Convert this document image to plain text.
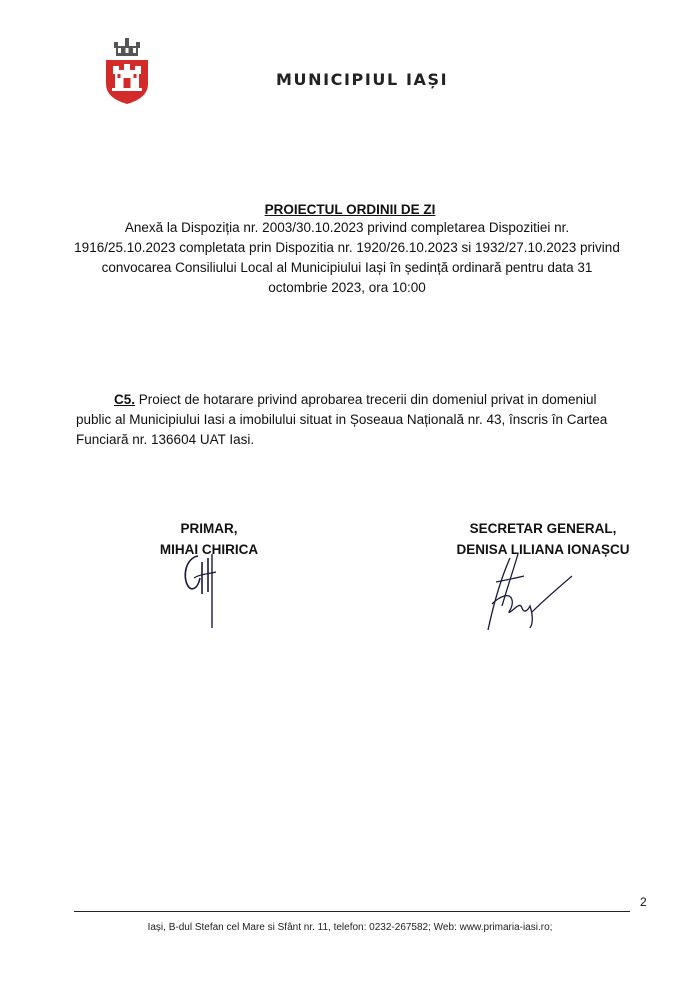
MUNICIPIUL IAȘI
PROIECTUL ORDINII DE ZI
Anexă la Dispoziția nr. 2003/30.10.2023 privind completarea Dispozitiei nr.
1916/25.10.2023 completata prin Dispozitia nr. 1920/26.10.2023 si 1932/27.10.2023 privind
convocarea Consiliului Local al Municipiului Iași în ședință ordinară pentru data 31
octombrie 2023, ora 10:00
C5. Proiect de hotarare privind aprobarea trecerii din domeniul privat in domeniul
public al Municipiului Iasi a imobilului situat in Șoseaua Națională nr. 43, înscris în Cartea
Funciară nr. 136604 UAT Iasi.
PRIMAR,
MIHAI CHIRICA
SECRETAR GENERAL,
DENISA LILIANA IONAȘCU
2
Iași, B-dul Stefan cel Mare si Sfânt nr. 11, telefon: 0232-267582; Web: www.primaria-iasi.ro;
